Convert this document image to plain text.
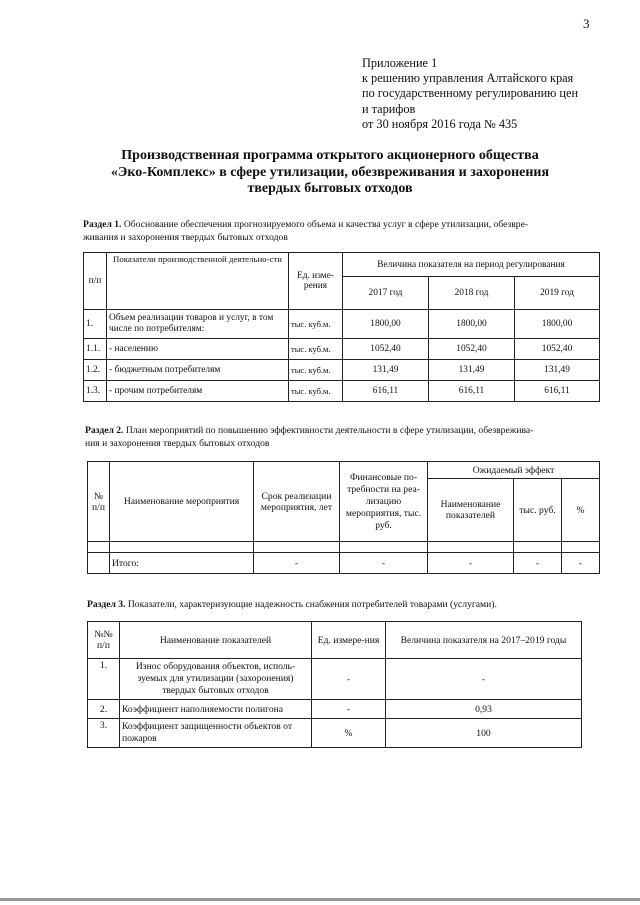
3
Приложение 1
к решению управления Алтайского края
по государственному регулированию цен
и тарифов
от 30 ноября 2016 года № 435
Производственная программа открытого акционерного общества
«Эко-Комплекс» в сфере утилизации, обезвреживания и захоронения
твердых бытовых отходов
Раздел 1. Обоснование обеспечения прогнозируемого объема и качества услуг в сфере утилизации, обезвре-
живания и захоронения твердых бытовых отходов
п/п	Показатели производственной деятельно-сти	Ед. изме-рения	Величина показателя на период регулирования		
			2017 год	2018 год	2019 год
1.	Объем реализации товаров и услуг, в том числе по потребителям:	тыс. куб.м.	1800,00	1800,00	1800,00
1.1.	- населению	тыс. куб.м.	1052,40	1052,40	1052,40
1.2.	- бюджетным потребителям	тыс. куб.м.	131,49	131,49	131,49
1.3.	- прочим потребителям	тыс. куб.м.	616,11	616,11	616,11
Раздел 2. План мероприятий по повышению эффективности деятельности в сфере утилизации, обезврежива-
ния и захоронения твердых бытовых отходов
№ п/п	Наименование мероприятия	Срок реализации мероприятия, лет	Финансовые по-требности на реа-лизацию мероприятия, тыс. руб.	Ожидаемый эффект		
				Наименование показателей	тыс. руб.	%

	Итого:	-	-	-	-	-
Раздел 3. Показатели, характеризующие надежность снабжения потребителей товарами (услугами).
№№ п/п	Наименование показателей	Ед. измере-ния	Величина показателя на 2017–2019 годы
1.	Износ оборудования объектов, исполь-зуемых для утилизации (захоронения) твердых бытовых отходов	-	-
2.	Коэффициент наполняемости полигона	-	0,93
3.	Коэффициент защищенности объектов от пожаров	%	100
